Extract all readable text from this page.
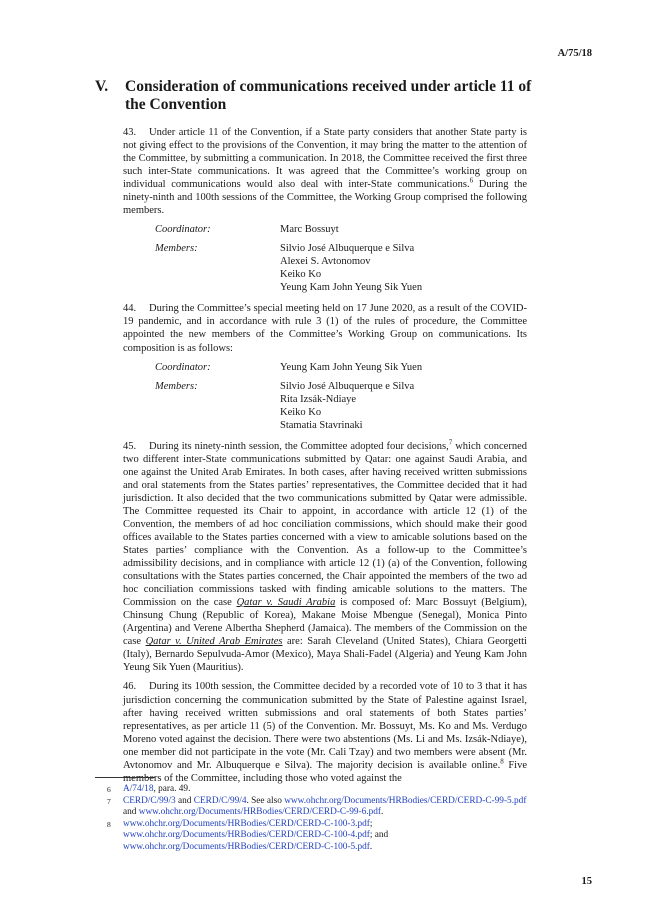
A/75/18
V. Consideration of communications received under article 11 of the Convention

43. Under article 11 of the Convention, if a State party considers that another State party is not giving effect to the provisions of the Convention, it may bring the matter to the attention of the Committee, by submitting a communication. In 2018, the Committee received the first three such inter-State communications. It was agreed that the Committee’s working group on individual communications would also deal with inter-State communications.$^6$ During the ninety-ninth and 100th sessions of the Committee, the Working Group comprised the following members.

Coordinator:	Marc Bossuyt
Members:	Silvio José Albuquerque e Silva
Alexei S. Avtonomov
Keiko Ko
Yeung Kam John Yeung Sik Yuen

44. During the Committee’s special meeting held on 17 June 2020, as a result of the COVID-19 pandemic, and in accordance with rule 3 (1) of the rules of procedure, the Committee appointed the new members of the Committee’s Working Group on communications. Its composition is as follows:

Coordinator:	Yeung Kam John Yeung Sik Yuen
Members:	Silvio José Albuquerque e Silva
Rita Izsák-Ndiaye
Keiko Ko
Stamatia Stavrinaki

45. During its ninety-ninth session, the Committee adopted four decisions,$^7$ which concerned two different inter-State communications submitted by Qatar: one against Saudi Arabia, and one against the United Arab Emirates. In both cases, after having received written submissions and oral statements from the States parties’ representatives, the Committee decided that it had jurisdiction. It also decided that the two communications submitted by Qatar were admissible. The Committee requested its Chair to appoint, in accordance with article 12 (1) of the Convention, the members of ad hoc conciliation commissions, which should make their good offices available to the States parties concerned with a view to amicable solutions based on the States parties’ compliance with the Convention. As a follow-up to the Committee’s admissibility decisions, and in compliance with article 12 (1) (a) of the Convention, following consultations with the States parties concerned, the Chair appointed the members of the two ad hoc conciliation commissions tasked with finding amicable solutions to the matters. The Commission on the case Qatar v. Saudi Arabia is composed of: Marc Bossuyt (Belgium), Chinsung Chung (Republic of Korea), Makane Moise Mbengue (Senegal), Monica Pinto (Argentina) and Verene Albertha Shepherd (Jamaica). The members of the Commission on the case Qatar v. United Arab Emirates are: Sarah Cleveland (United States), Chiara Georgetti (Italy), Bernardo Sepulvuda-Amor (Mexico), Maya Shali-Fadel (Algeria) and Yeung Kam John Yeung Sik Yuen (Mauritius).

46. During its 100th session, the Committee decided by a recorded vote of 10 to 3 that it has jurisdiction concerning the communication submitted by the State of Palestine against Israel, after having received written submissions and oral statements of both States parties’ representatives, as per article 11 (5) of the Convention. Mr. Bossuyt, Ms. Ko and Ms. Verdugo Moreno voted against the decision. There were two abstentions (Ms. Li and Ms. Izsák-Ndiaye), one member did not participate in the vote (Mr. Cali Tzay) and two members were absent (Mr. Avtonomov and Mr. Albuquerque e Silva). The majority decision is available online.$^8$ Five members of the Committee, including those who voted against the

6	A/74/18, para. 49.
7	CERD/C/99/3 and CERD/C/99/4. See also www.ohchr.org/Documents/HRBodies/CERD/CERD-C-99-5.pdf and www.ohchr.org/Documents/HRBodies/CERD/CERD-C-99-6.pdf.
8	www.ohchr.org/Documents/HRBodies/CERD/CERD-C-100-3.pdf;
www.ohchr.org/Documents/HRBodies/CERD/CERD-C-100-4.pdf; and
www.ohchr.org/Documents/HRBodies/CERD/CERD-C-100-5.pdf.
15
